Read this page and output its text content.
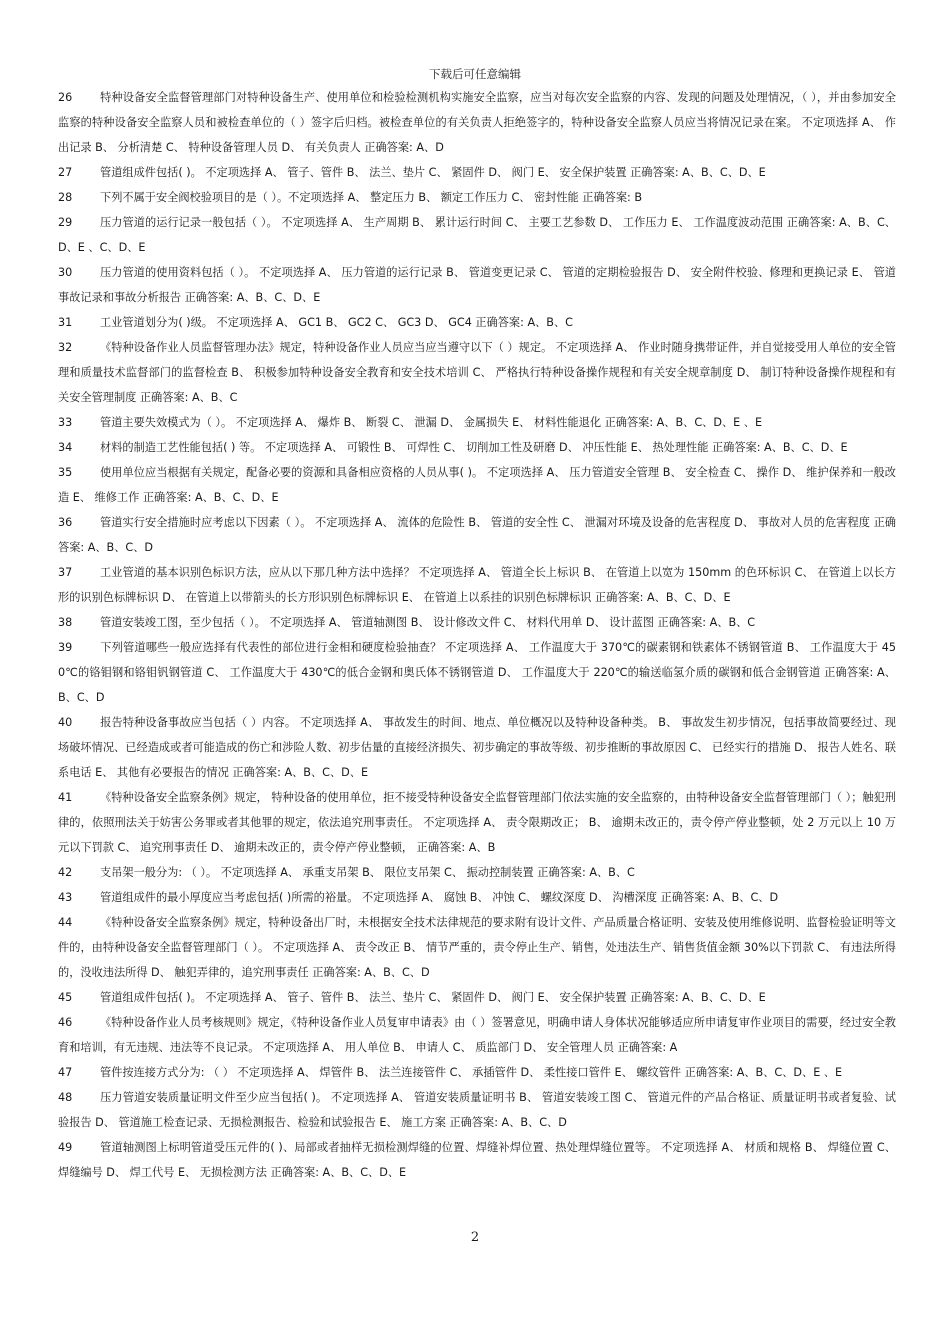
下载后可任意编辑

26 特种设备安全监督管理部门对特种设备生产、使用单位和检验检测机构实施安全监察，应当对每次安全监察的内容、发现的问题及处理情况，（ ），并由参加安全监察的特种设备安全监察人员和被检查单位的（ ）签字后归档。被检查单位的有关负责人拒绝签字的，特种设备安全监察人员应当将情况记录在案。 不定项选择 A、 作出记录 B、 分析清楚 C、 特种设备管理人员 D、 有关负责人 正确答案: A、D

27 管道组成件包括( )。 不定项选择 A、 管子、管件 B、 法兰、垫片 C、 紧固件 D、 阀门 E、 安全保护装置 正确答案: A、B、C、D、E

28 下列不属于安全阀校验项目的是（ ）。不定项选择 A、 整定压力 B、 额定工作压力 C、 密封性能 正确答案: B

29 压力管道的运行记录一般包括（ ）。 不定项选择 A、 生产周期 B、 累计运行时间 C、 主要工艺参数 D、 工作压力 E、 工作温度波动范围 正确答案: A、B、C、D、E 、C、D、E

30 压力管道的使用资料包括（ ）。 不定项选择 A、 压力管道的运行记录 B、 管道变更记录 C、 管道的定期检验报告 D、 安全附件校验、修理和更换记录 E、 管道事故记录和事故分析报告 正确答案: A、B、C、D、E

31 工业管道划分为( )级。 不定项选择 A、 GC1 B、 GC2 C、 GC3 D、 GC4 正确答案: A、B、C

32 《特种设备作业人员监督管理办法》规定，特种设备作业人员应当应当遵守以下（ ）规定。 不定项选择 A、 作业时随身携带证件，并自觉接受用人单位的安全管理和质量技术监督部门的监督检查 B、 积极参加特种设备安全教育和安全技术培训 C、 严格执行特种设备操作规程和有关安全规章制度 D、 制订特种设备操作规程和有关安全管理制度 正确答案: A、B、C

33 管道主要失效模式为（ ）。 不定项选择 A、 爆炸 B、 断裂 C、 泄漏 D、 金属损失 E、 材料性能退化 正确答案: A、B、C、D、E 、E

34 材料的制造工艺性能包括( ) 等。 不定项选择 A、 可锻性 B、 可焊性 C、 切削加工性及研磨 D、 冲压性能 E、 热处理性能 正确答案: A、B、C、D、E

35 使用单位应当根据有关规定，配备必要的资源和具备相应资格的人员从事( )。 不定项选择 A、 压力管道安全管理 B、 安全检查 C、 操作 D、 维护保养和一般改造 E、 维修工作 正确答案: A、B、C、D、E

36 管道实行安全措施时应考虑以下因素（ ）。 不定项选择 A、 流体的危险性 B、 管道的安全性 C、 泄漏对环境及设备的危害程度 D、 事故对人员的危害程度 正确答案: A、B、C、D

37 工业管道的基本识别色标识方法，应从以下那几种方法中选择？ 不定项选择 A、 管道全长上标识 B、 在管道上以宽为 150mm 的色环标识 C、 在管道上以长方形的识别色标牌标识 D、 在管道上以带箭头的长方形识别色标牌标识 E、 在管道上以系挂的识别色标牌标识 正确答案: A、B、C、D、E

38 管道安装竣工图，至少包括（ ）。 不定项选择 A、 管道轴测图 B、 设计修改文件 C、 材料代用单 D、 设计蓝图 正确答案: A、B、C

39 下列管道哪些一般应选择有代表性的部位进行金相和硬度检验抽查？ 不定项选择 A、 工作温度大于 370℃的碳素钢和铁素体不锈钢管道 B、 工作温度大于 450℃的铬钼钢和铬钼钒钢管道 C、 工作温度大于 430℃的低合金钢和奥氏体不锈钢管道 D、 工作温度大于 220℃的输送临氢介质的碳钢和低合金钢管道 正确答案: A、B、C、D

40 报告特种设备事故应当包括（ ）内容。 不定项选择 A、 事故发生的时间、地点、单位概况以及特种设备种类。 B、 事故发生初步情况，包括事故简要经过、现场破坏情况、已经造成或者可能造成的伤亡和涉险人数、初步估量的直接经济损失、初步确定的事故等级、初步推断的事故原因 C、 已经实行的措施 D、 报告人姓名、联系电话 E、 其他有必要报告的情况 正确答案: A、B、C、D、E

41 《特种设备安全监察条例》规定， 特种设备的使用单位，拒不接受特种设备安全监督管理部门依法实施的安全监察的，由特种设备安全监督管理部门（ ）；触犯刑律的，依照刑法关于妨害公务罪或者其他罪的规定，依法追究刑事责任。 不定项选择 A、 责令限期改正； B、 逾期未改正的，责令停产停业整顿，处 2 万元以上 10 万元以下罚款 C、 追究刑事责任 D、 逾期未改正的，责令停产停业整顿， 正确答案: A、B

42 支吊架一般分为: （ ）。 不定项选择 A、 承重支吊架 B、 限位支吊架 C、 振动控制装置 正确答案: A、B、C

43 管道组成件的最小厚度应当考虑包括( )所需的裕量。 不定项选择 A、 腐蚀 B、 冲蚀 C、 螺纹深度 D、 沟槽深度 正确答案: A、B、C、D

44 《特种设备安全监察条例》规定，特种设备出厂时，未根据安全技术法律规范的要求附有设计文件、产品质量合格证明、安装及使用维修说明、监督检验证明等文件的，由特种设备安全监督管理部门（ ）。 不定项选择 A、 责令改正 B、 情节严重的，责令停止生产、销售，处违法生产、销售货值金额 30%以下罚款 C、 有违法所得的，没收违法所得 D、 触犯弄律的，追究刑事责任 正确答案: A、B、C、D

45 管道组成件包括( )。 不定项选择 A、 管子、管件 B、 法兰、垫片 C、 紧固件 D、 阀门 E、 安全保护装置 正确答案: A、B、C、D、E

46 《特种设备作业人员考核规则》规定，《特种设备作业人员复审申请表》由（ ）签署意见，明确申请人身体状况能够适应所申请复审作业项目的需要，经过安全教育和培训，有无违规、违法等不良记录。 不定项选择 A、 用人单位 B、 申请人 C、 质监部门 D、 安全管理人员 正确答案: A

47 管件按连接方式分为: （ ） 不定项选择 A、 焊管件 B、 法兰连接管件 C、 承插管件 D、 柔性接口管件 E、 螺纹管件 正确答案: A、B、C、D、E 、E

48 压力管道安装质量证明文件至少应当包括( )。 不定项选择 A、 管道安装质量证明书 B、 管道安装竣工图 C、 管道元件的产品合格证、质量证明书或者复验、试验报告 D、 管道施工检查记录、无损检测报告、检验和试验报告 E、 施工方案 正确答案: A、B、C、D

49 管道轴测图上标明管道受压元件的( )、局部或者抽样无损检测焊缝的位置、焊缝补焊位置、热处理焊缝位置等。 不定项选择 A、 材质和规格 B、 焊缝位置 C、 焊缝编号 D、 焊工代号 E、 无损检测方法 正确答案: A、B、C、D、E

2
